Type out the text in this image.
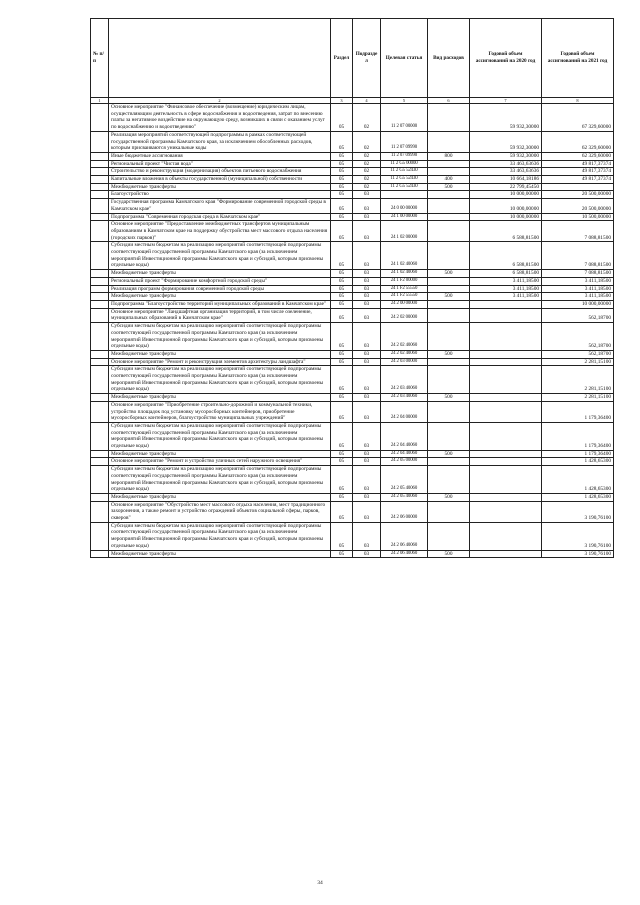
№ п/п		Раздел	Подраздел	Целевая статья	Вид расходов	Годовой объем ассигнований на 2020 год	Годовой объем ассигнований на 2021 год
1	2	3	4	5	6	7	8
	Основное мероприятие "Финансовое обеспечение (возмещение) юридическим лицам, осуществляющим деятельность в сфере водоснабжения и водоотведения, затрат по внесению платы за негативное воздействие на окружающую среду, возникших в связи с оказанием услуг по водоснабжению и водоотведению"	05	02	11 2 07 00000		59 932,30000	67 329,60000
	Реализация мероприятий соответствующей подпрограммы в рамках соответствующей государственной программы Камчатского края, за исключением обособленных расходов, которым присваиваются уникальные коды	05	02	11 2 07 09990		59 932,30000	62 329,60000
	Иные бюджетные ассигнования	05	02	11 2 07 09990	800	59 932,30000	62 329,60000
	Региональный проект "Чистая вода"	05	02	11 2 G5 00000		33 463,63636	49 817,37374
	Строительство и реконструкция (модернизация) объектов питьевого водоснабжения	05	02	11 2 G5 52430		33 463,63636	49 817,37374
	Капитальные вложения в объекты государственной (муниципальной) собственности	05	02	11 2 G5 52430	400	10 664,18186	49 817,37374
	Межбюджетные трансферты	05	02	11 2 G5 52430	500	22 799,45450	
	Благоустройство	05	03			10 000,00000	20 500,00000
	Государственная программа Камчатского края "Формирование современной городской среды в Камчатском крае"	05	03	24 0 00 00000		10 000,00000	20 500,00000
	Подпрограмма "Современная городская среда в Камчатском крае"	05	03	24 1 00 00000		10 000,00000	10 500,00000
	Основное мероприятие "Предоставление межбюджетных трансфертов муниципальным образованиям в Камчатском крае на поддержку обустройства мест массового отдыха населения (городских парков)"	05	03	24 1 02 00000		6 588,81500	7 088,81500
	Субсидии местным бюджетам на реализацию мероприятий соответствующей подпрограммы соответствующей государственной программы Камчатского края (за исключением мероприятий Инвестиционной программы Камчатского края и субсидий, которым присвоены отдельные коды)	05	03	24 1 02 40060		6 588,81500	7 088,81500
	Межбюджетные трансферты	05	03	24 1 02 40060	500	6 588,81500	7 088,81500
	Региональный проект "Формирование комфортной городской среды"	05	03	24 1 F2 00000		3 411,18500	3 411,18500
	Реализация программ формирования современной городской среды	05	03	24 1 F2 55550		3 411,18500	3 411,18500
	Межбюджетные трансферты	05	03	24 1 F2 55550	500	3 411,18500	3 411,18500
	Подпрограмма "Благоустройство территорий муниципальных образований в Камчатском крае"	05	03	24 2 00 00000			10 000,00000
	Основное мероприятие "Ландшафтная организация территорий, в том числе озеленение, муниципальных образований в Камчатском крае"	05	03	24 2 02 00000			562,18700
	Субсидии местным бюджетам на реализацию мероприятий соответствующей подпрограммы соответствующей государственной программы Камчатского края (за исключением мероприятий Инвестиционной программы Камчатского края и субсидий, которым присвоены отдельные коды)	05	03	24 2 02 40060			562,18700
	Межбюджетные трансферты	05	03	24 2 02 40060	500		562,18700
	Основное мероприятие "Ремонт и реконструкция элементов архитектуры ландшафта"	05	03	24 2 03 00000			2 281,15100
	Субсидии местным бюджетам на реализацию мероприятий соответствующей подпрограммы соответствующей государственной программы Камчатского края (за исключением мероприятий Инвестиционной программы Камчатского края и субсидий, которым присвоены отдельные коды)	05	03	24 2 03 40060			2 281,15100
	Межбюджетные трансферты	05	03	24 2 03 40060	500		2 281,15100
	Основное мероприятие "Приобретение строительно-дорожной и коммунальной техники, устройство площадок под установку мусоросборных контейнеров, приобретение мусоросборных контейнеров, благоустройство муниципальных учреждений"	05	03	24 2 04 00000			1 179,36400
	Субсидии местным бюджетам на реализацию мероприятий соответствующей подпрограммы соответствующей государственной программы Камчатского края (за исключением мероприятий Инвестиционной программы Камчатского края и субсидий, которым присвоены отдельные коды)	05	03	24 2 04 40060			1 179,36400
	Межбюджетные трансферты	05	03	24 2 04 40060	500		1 179,36400
	Основное мероприятие "Ремонт и устройство уличных сетей наружного освещения"	05	03	24 2 05 00000			1 428,65300
	Субсидии местным бюджетам на реализацию мероприятий соответствующей подпрограммы соответствующей государственной программы Камчатского края (за исключением мероприятий Инвестиционной программы Камчатского края и субсидий, которым присвоены отдельные коды)	05	03	24 2 05 40060			1 428,65300
	Межбюджетные трансферты	05	03	24 2 05 40060	500		1 428,65300
	Основное мероприятие "Обустройство мест массового отдыха населения, мест традиционного захоронения, а также ремонт и устройство ограждений объектов социальной сферы, парков, скверов"	05	03	24 2 06 00000			3 190,76100
	Субсидии местным бюджетам на реализацию мероприятий соответствующей подпрограммы соответствующей государственной программы Камчатского края (за исключением мероприятий Инвестиционной программы Камчатского края и субсидий, которым присвоены отдельные коды)	05	03	24 2 06 40060			3 190,76100
	Межбюджетные трансферты	05	03	24 2 06 40060	500		3 190,76100
34
